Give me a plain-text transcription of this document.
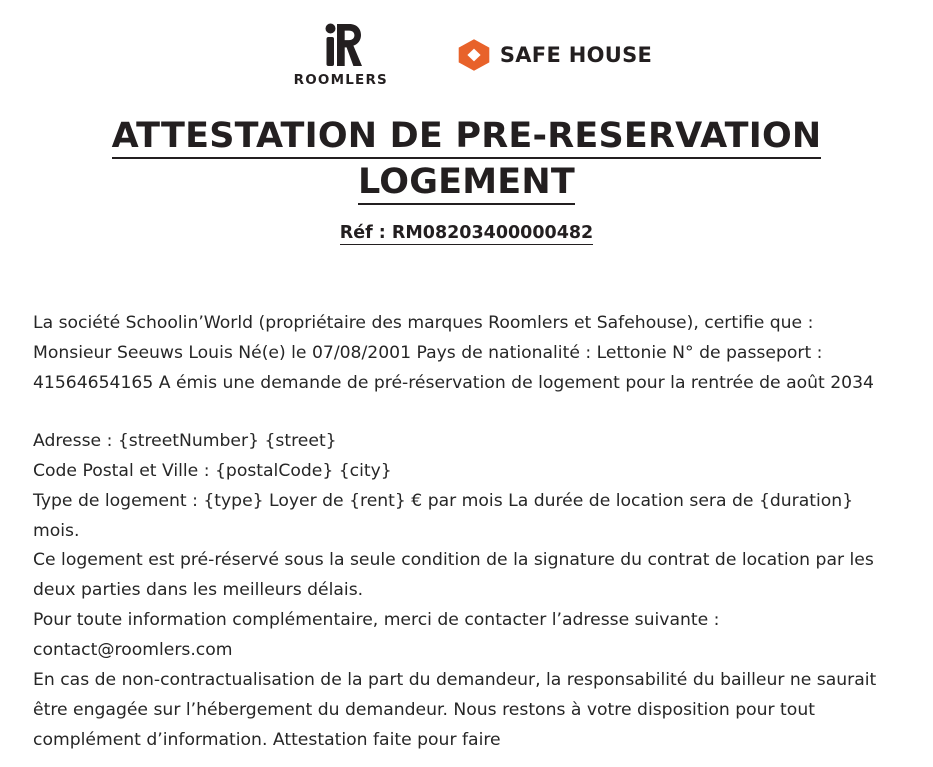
ROOMLERS
SAFE HOUSE
ATTESTATION DE PRE-RESERVATION
LOGEMENT
Réf : RM08203400000482

La société Schoolin’World (propriétaire des marques Roomlers et Safehouse), certifie que : Monsieur Seeuws Louis Né(e) le 07/08/2001 Pays de nationalité : Lettonie N° de passeport : 41564654165 A émis une demande de pré-réservation de logement pour la rentrée de août 2034

Adresse : {streetNumber} {street}

Code Postal et Ville : {postalCode} {city}

Type de logement : {type} Loyer de {rent} € par mois La durée de location sera de {duration} mois.

Ce logement est pré-réservé sous la seule condition de la signature du contrat de location par les deux parties dans les meilleurs délais.

Pour toute information complémentaire, merci de contacter l’adresse suivante : contact@roomlers.com

En cas de non-contractualisation de la part du demandeur, la responsabilité du bailleur ne saurait être engagée sur l’hébergement du demandeur. Nous restons à votre disposition pour tout complément d’information. Attestation faite pour faire
